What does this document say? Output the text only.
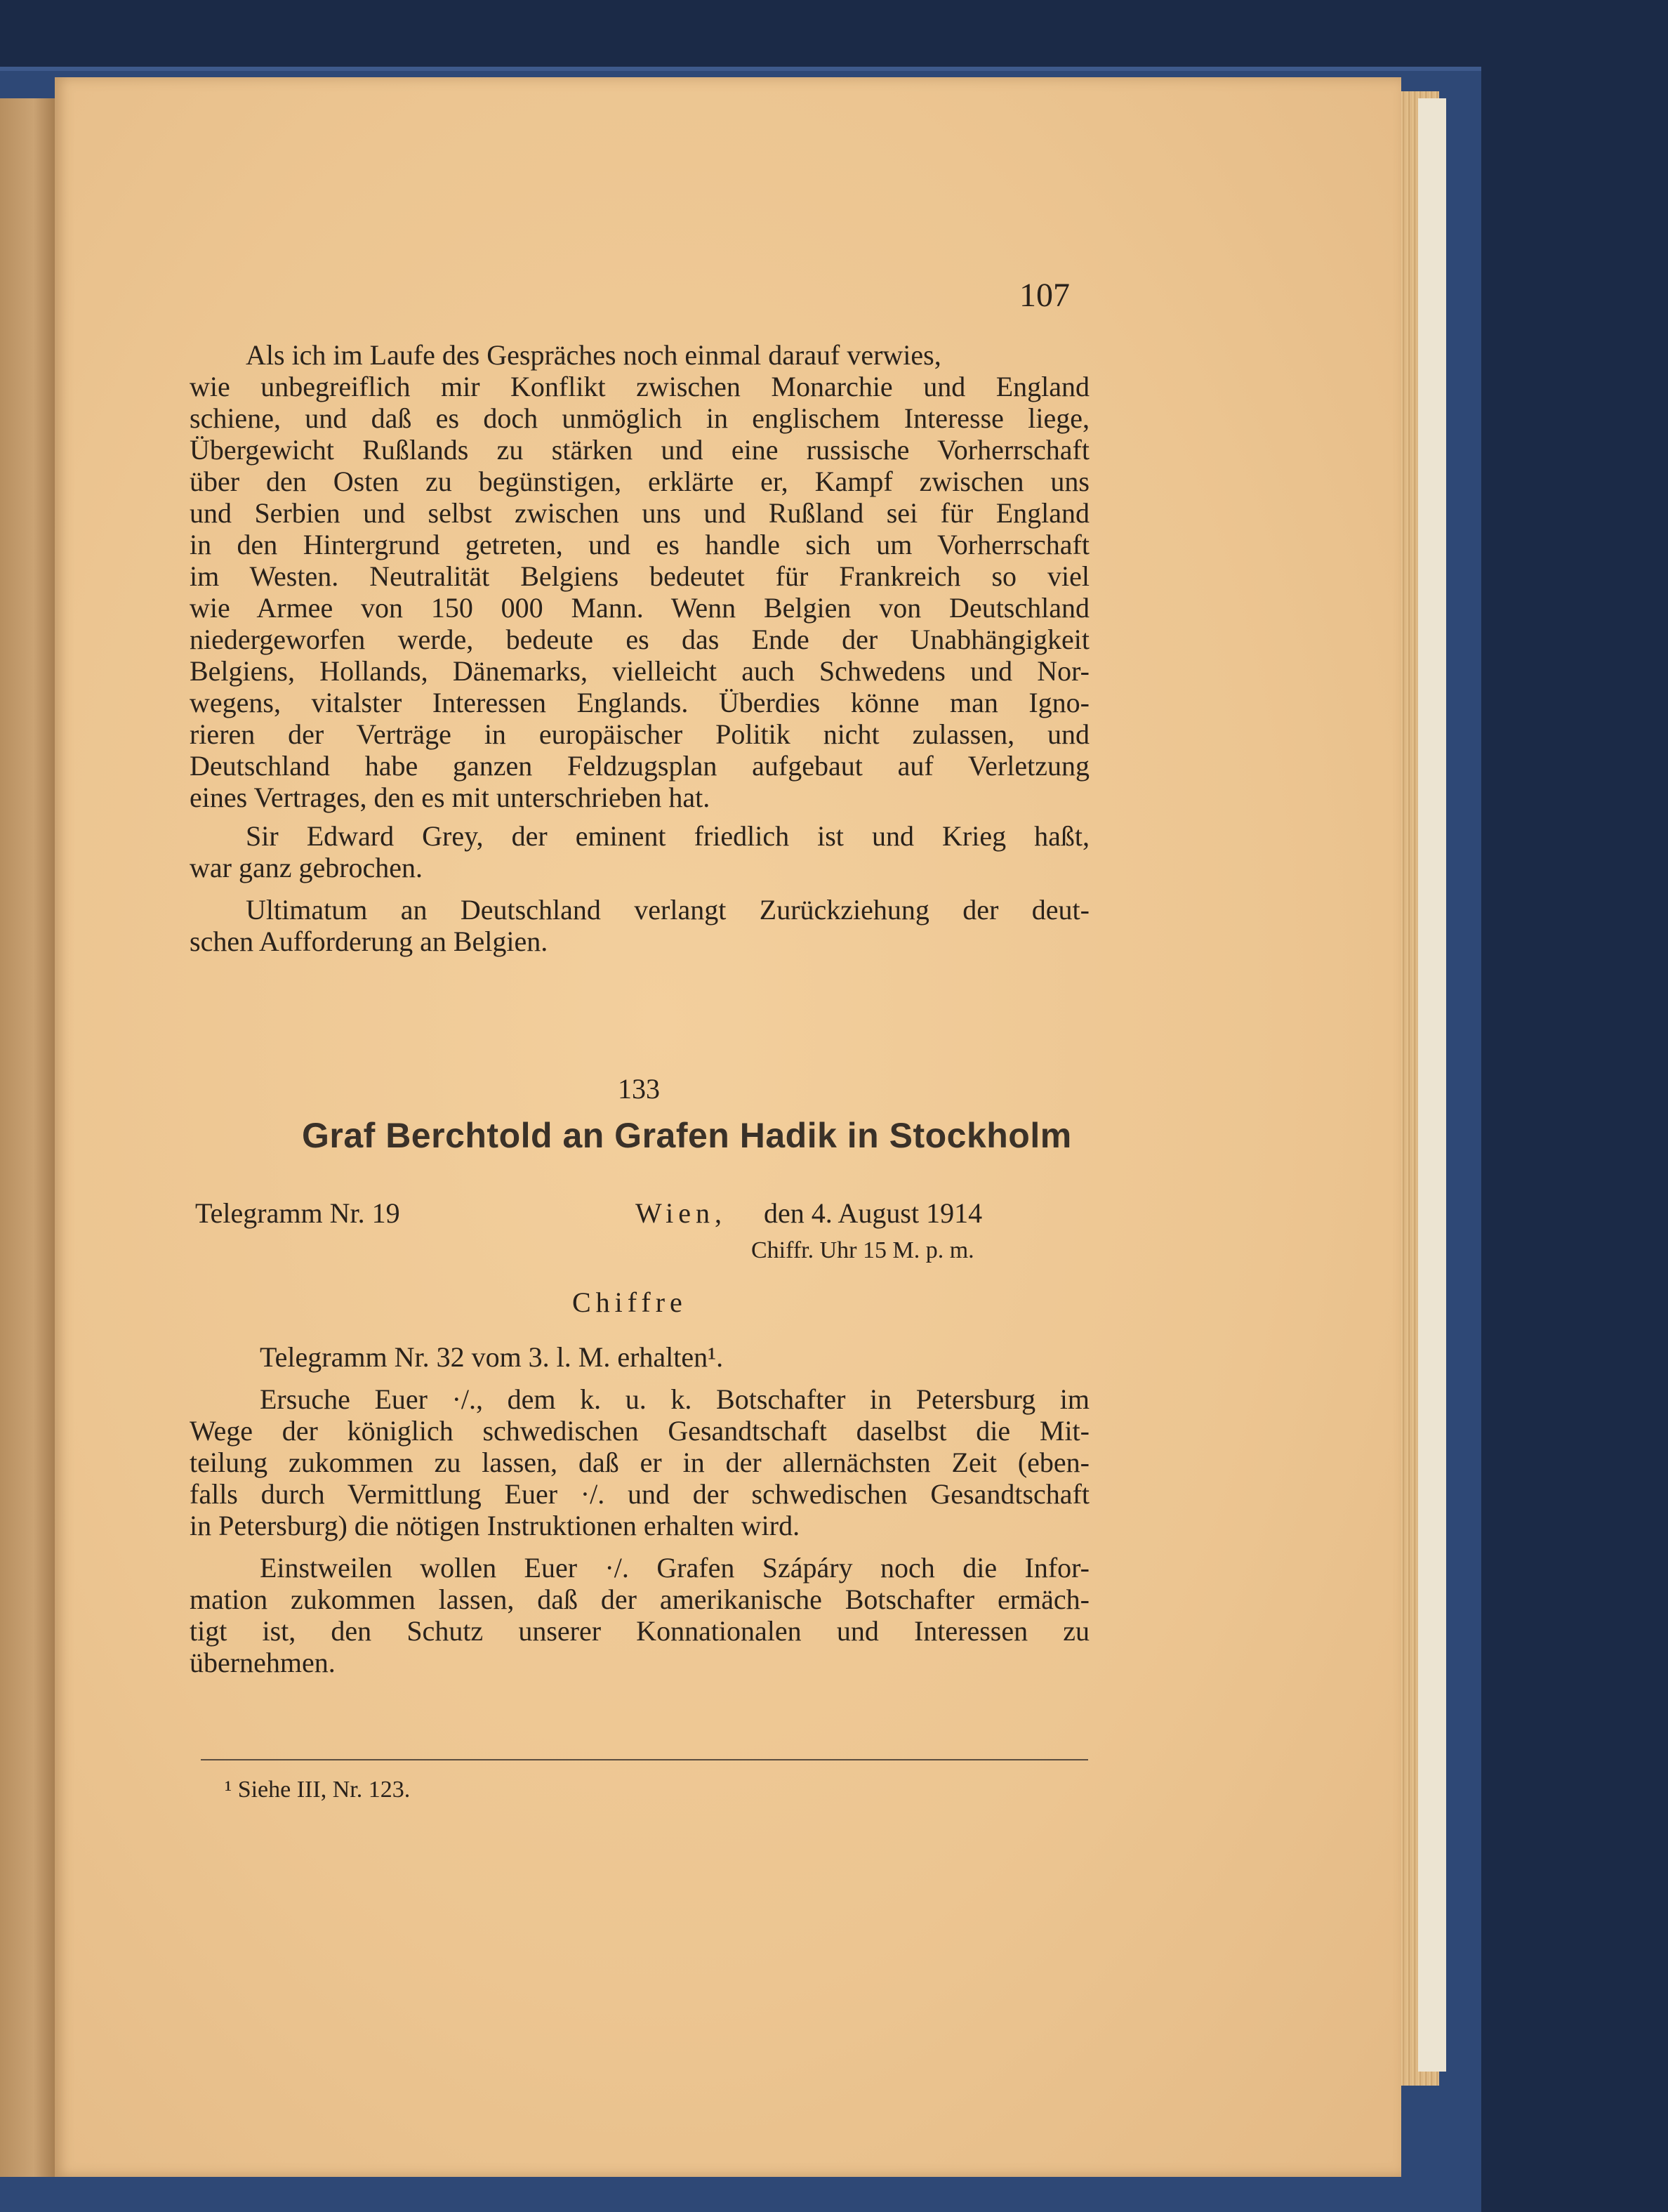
107
Als ich im Laufe des Gespräches noch einmal darauf verwies,
wie unbegreiflich mir Konflikt zwischen Monarchie und England
schiene, und daß es doch unmöglich in englischem Interesse liege,
Übergewicht Rußlands zu stärken und eine russische Vorherrschaft
über den Osten zu begünstigen, erklärte er, Kampf zwischen uns
und Serbien und selbst zwischen uns und Rußland sei für England
in den Hintergrund getreten, und es handle sich um Vorherrschaft
im Westen. Neutralität Belgiens bedeutet für Frankreich so viel
wie Armee von 150 000 Mann. Wenn Belgien von Deutschland
niedergeworfen werde, bedeute es das Ende der Unabhängigkeit
Belgiens, Hollands, Dänemarks, vielleicht auch Schwedens und Nor-
wegens, vitalster Interessen Englands. Überdies könne man Igno-
rieren der Verträge in europäischer Politik nicht zulassen, und
Deutschland habe ganzen Feldzugsplan aufgebaut auf Verletzung
eines Vertrages, den es mit unterschrieben hat.
Sir Edward Grey, der eminent friedlich ist und Krieg haßt,
war ganz gebrochen.
Ultimatum an Deutschland verlangt Zurückziehung der deut-
schen Aufforderung an Belgien.
133
Graf Berchtold an Grafen Hadik in Stockholm
Telegramm Nr. 19	Wien, den 4. August 1914
Chiffr. Uhr 15 M. p. m.
Chiffre
Telegramm Nr. 32 vom 3. l. M. erhalten¹.
Ersuche Euer ·/., dem k. u. k. Botschafter in Petersburg im
Wege der königlich schwedischen Gesandtschaft daselbst die Mit-
teilung zukommen zu lassen, daß er in der allernächsten Zeit (eben-
falls durch Vermittlung Euer ·/. und der schwedischen Gesandtschaft
in Petersburg) die nötigen Instruktionen erhalten wird.
Einstweilen wollen Euer ·/. Grafen Szápáry noch die Infor-
mation zukommen lassen, daß der amerikanische Botschafter ermäch-
tigt ist, den Schutz unserer Konnationalen und Interessen zu
übernehmen.
¹ Siehe III, Nr. 123.
